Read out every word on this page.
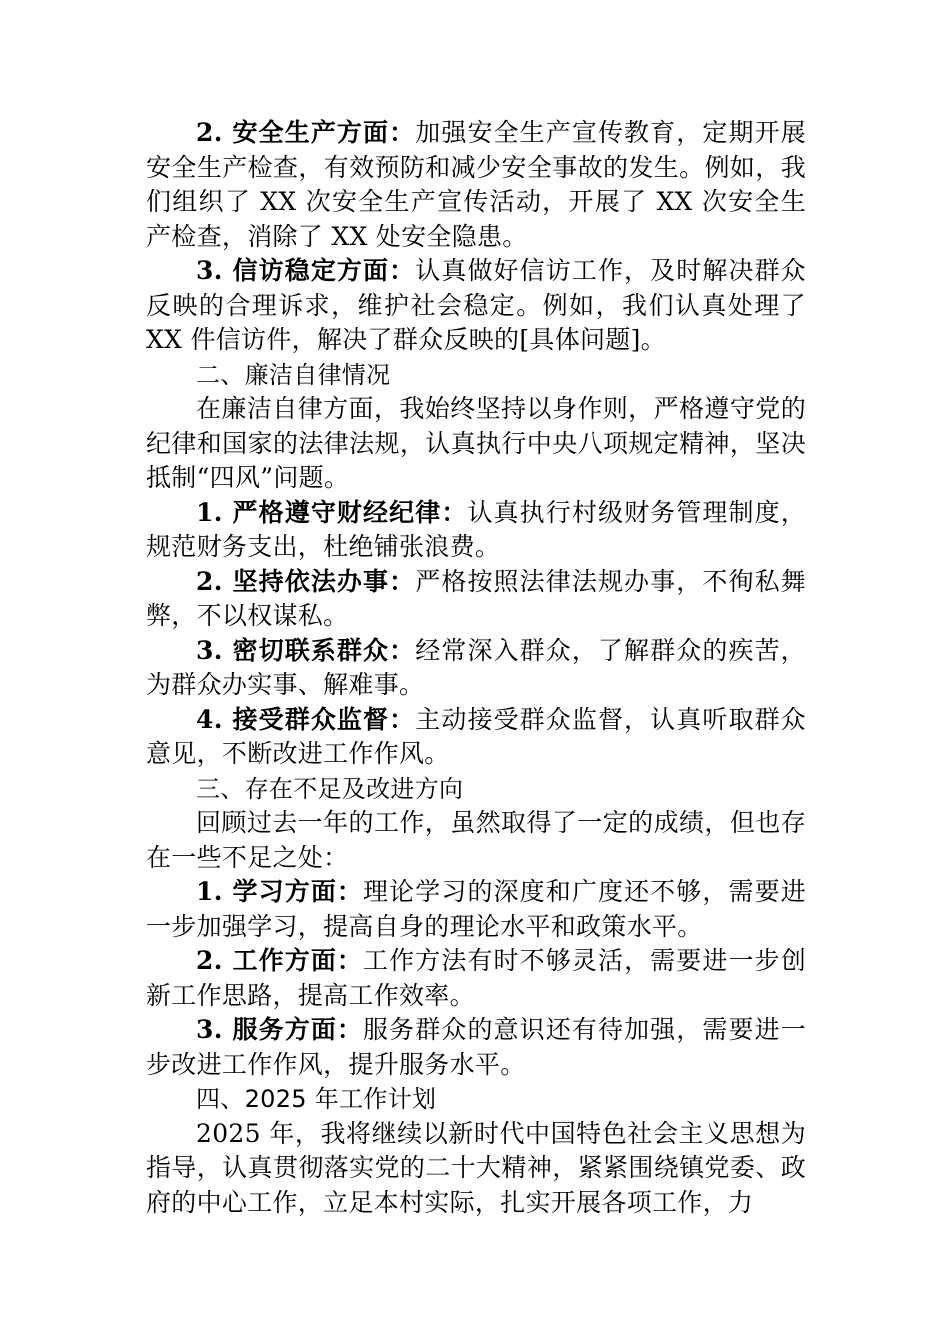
2. 安全生产方面：加强安全生产宣传教育，定期开展安全生产检查，有效预防和减少安全事故的发生。例如，我们组织了 XX 次安全生产宣传活动，开展了 XX 次安全生产检查，消除了 XX 处安全隐患。

3. 信访稳定方面：认真做好信访工作，及时解决群众反映的合理诉求，维护社会稳定。例如，我们认真处理了 XX 件信访件，解决了群众反映的[具体问题]。

二、廉洁自律情况

在廉洁自律方面，我始终坚持以身作则，严格遵守党的纪律和国家的法律法规，认真执行中央八项规定精神，坚决抵制“四风”问题。

1. 严格遵守财经纪律：认真执行村级财务管理制度，规范财务支出，杜绝铺张浪费。

2. 坚持依法办事：严格按照法律法规办事，不徇私舞弊，不以权谋私。

3. 密切联系群众：经常深入群众，了解群众的疾苦，为群众办实事、解难事。

4. 接受群众监督：主动接受群众监督，认真听取群众意见，不断改进工作作风。

三、存在不足及改进方向

回顾过去一年的工作，虽然取得了一定的成绩，但也存在一些不足之处：

1. 学习方面：理论学习的深度和广度还不够，需要进一步加强学习，提高自身的理论水平和政策水平。

2. 工作方面：工作方法有时不够灵活，需要进一步创新工作思路，提高工作效率。

3. 服务方面：服务群众的意识还有待加强，需要进一步改进工作作风，提升服务水平。

四、2025 年工作计划

2025 年，我将继续以新时代中国特色社会主义思想为指导，认真贯彻落实党的二十大精神，紧紧围绕镇党委、政府的中心工作，立足本村实际，扎实开展各项工作，力
